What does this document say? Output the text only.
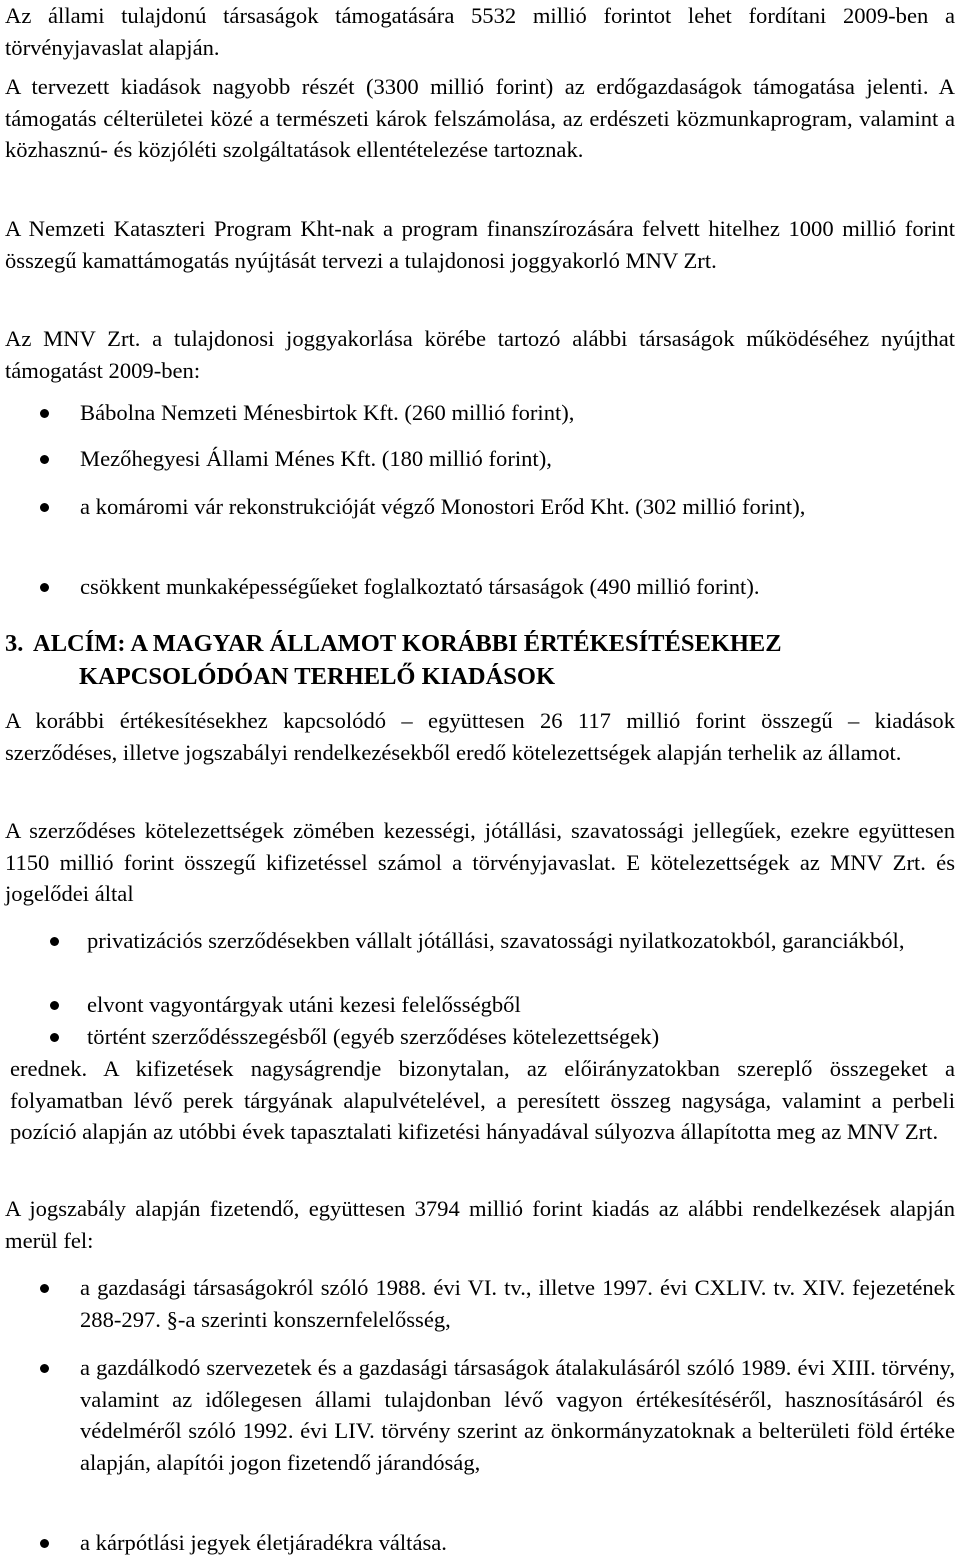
Az állami tulajdonú társaságok támogatására 5532 millió forintot lehet fordítani 2009-ben a törvényjavaslat alapján.

A tervezett kiadások nagyobb részét (3300 millió forint) az erdőgazdaságok támogatása jelenti. A támogatás célterületei közé a természeti károk felszámolása, az erdészeti közmunkaprogram, valamint a közhasznú- és közjóléti szolgáltatások ellentételezése tartoznak.

A Nemzeti Kataszteri Program Kht-nak a program finanszírozására felvett hitelhez 1000 millió forint összegű kamattámogatás nyújtását tervezi a tulajdonosi joggyakorló MNV Zrt.

Az MNV Zrt. a tulajdonosi joggyakorlása körébe tartozó alábbi társaságok működéséhez nyújthat támogatást 2009-ben:

Bábolna Nemzeti Ménesbirtok Kft. (260 millió forint),
Mezőhegyesi Állami Ménes Kft. (180 millió forint),
a komáromi vár rekonstrukcióját végző Monostori Erőd Kht. (302 millió forint),
csökkent munkaképességűeket foglalkoztató társaságok (490 millió forint).
3. ALCÍM: A MAGYAR ÁLLAMOT KORÁBBI ÉRTÉKESÍTÉSEKHEZ
KAPCSOLÓDÓAN TERHELŐ KIADÁSOK

A korábbi értékesítésekhez kapcsolódó – együttesen 26 117 millió forint összegű – kiadások szerződéses, illetve jogszabályi rendelkezésekből eredő kötelezettségek alapján terhelik az államot.

A szerződéses kötelezettségek zömében kezességi, jótállási, szavatossági jellegűek, ezekre együttesen 1150 millió forint összegű kifizetéssel számol a törvényjavaslat. E kötelezettségek az MNV Zrt. és jogelődei által

privatizációs szerződésekben vállalt jótállási, szavatossági nyilatkozatokból, garanciákból,
elvont vagyontárgyak utáni kezesi felelősségből
történt szerződésszegésből (egyéb szerződéses kötelezettségek)

erednek. A kifizetések nagyságrendje bizonytalan, az előirányzatokban szereplő összegeket a folyamatban lévő perek tárgyának alapulvételével, a peresített összeg nagysága, valamint a perbeli pozíció alapján az utóbbi évek tapasztalati kifizetési hányadával súlyozva állapította meg az MNV Zrt.

A jogszabály alapján fizetendő, együttesen 3794 millió forint kiadás az alábbi rendelkezések alapján merül fel:

a gazdasági társaságokról szóló 1988. évi VI. tv., illetve 1997. évi CXLIV. tv. XIV. fejezetének 288-297. §-a szerinti konszernfelelősség,
a gazdálkodó szervezetek és a gazdasági társaságok átalakulásáról szóló 1989. évi XIII. törvény, valamint az időlegesen állami tulajdonban lévő vagyon értékesítéséről, hasznosításáról és védelméről szóló 1992. évi LIV. törvény szerint az önkormányzatoknak a belterületi föld értéke alapján, alapítói jogon fizetendő járandóság,
a kárpótlási jegyek életjáradékra váltása.
